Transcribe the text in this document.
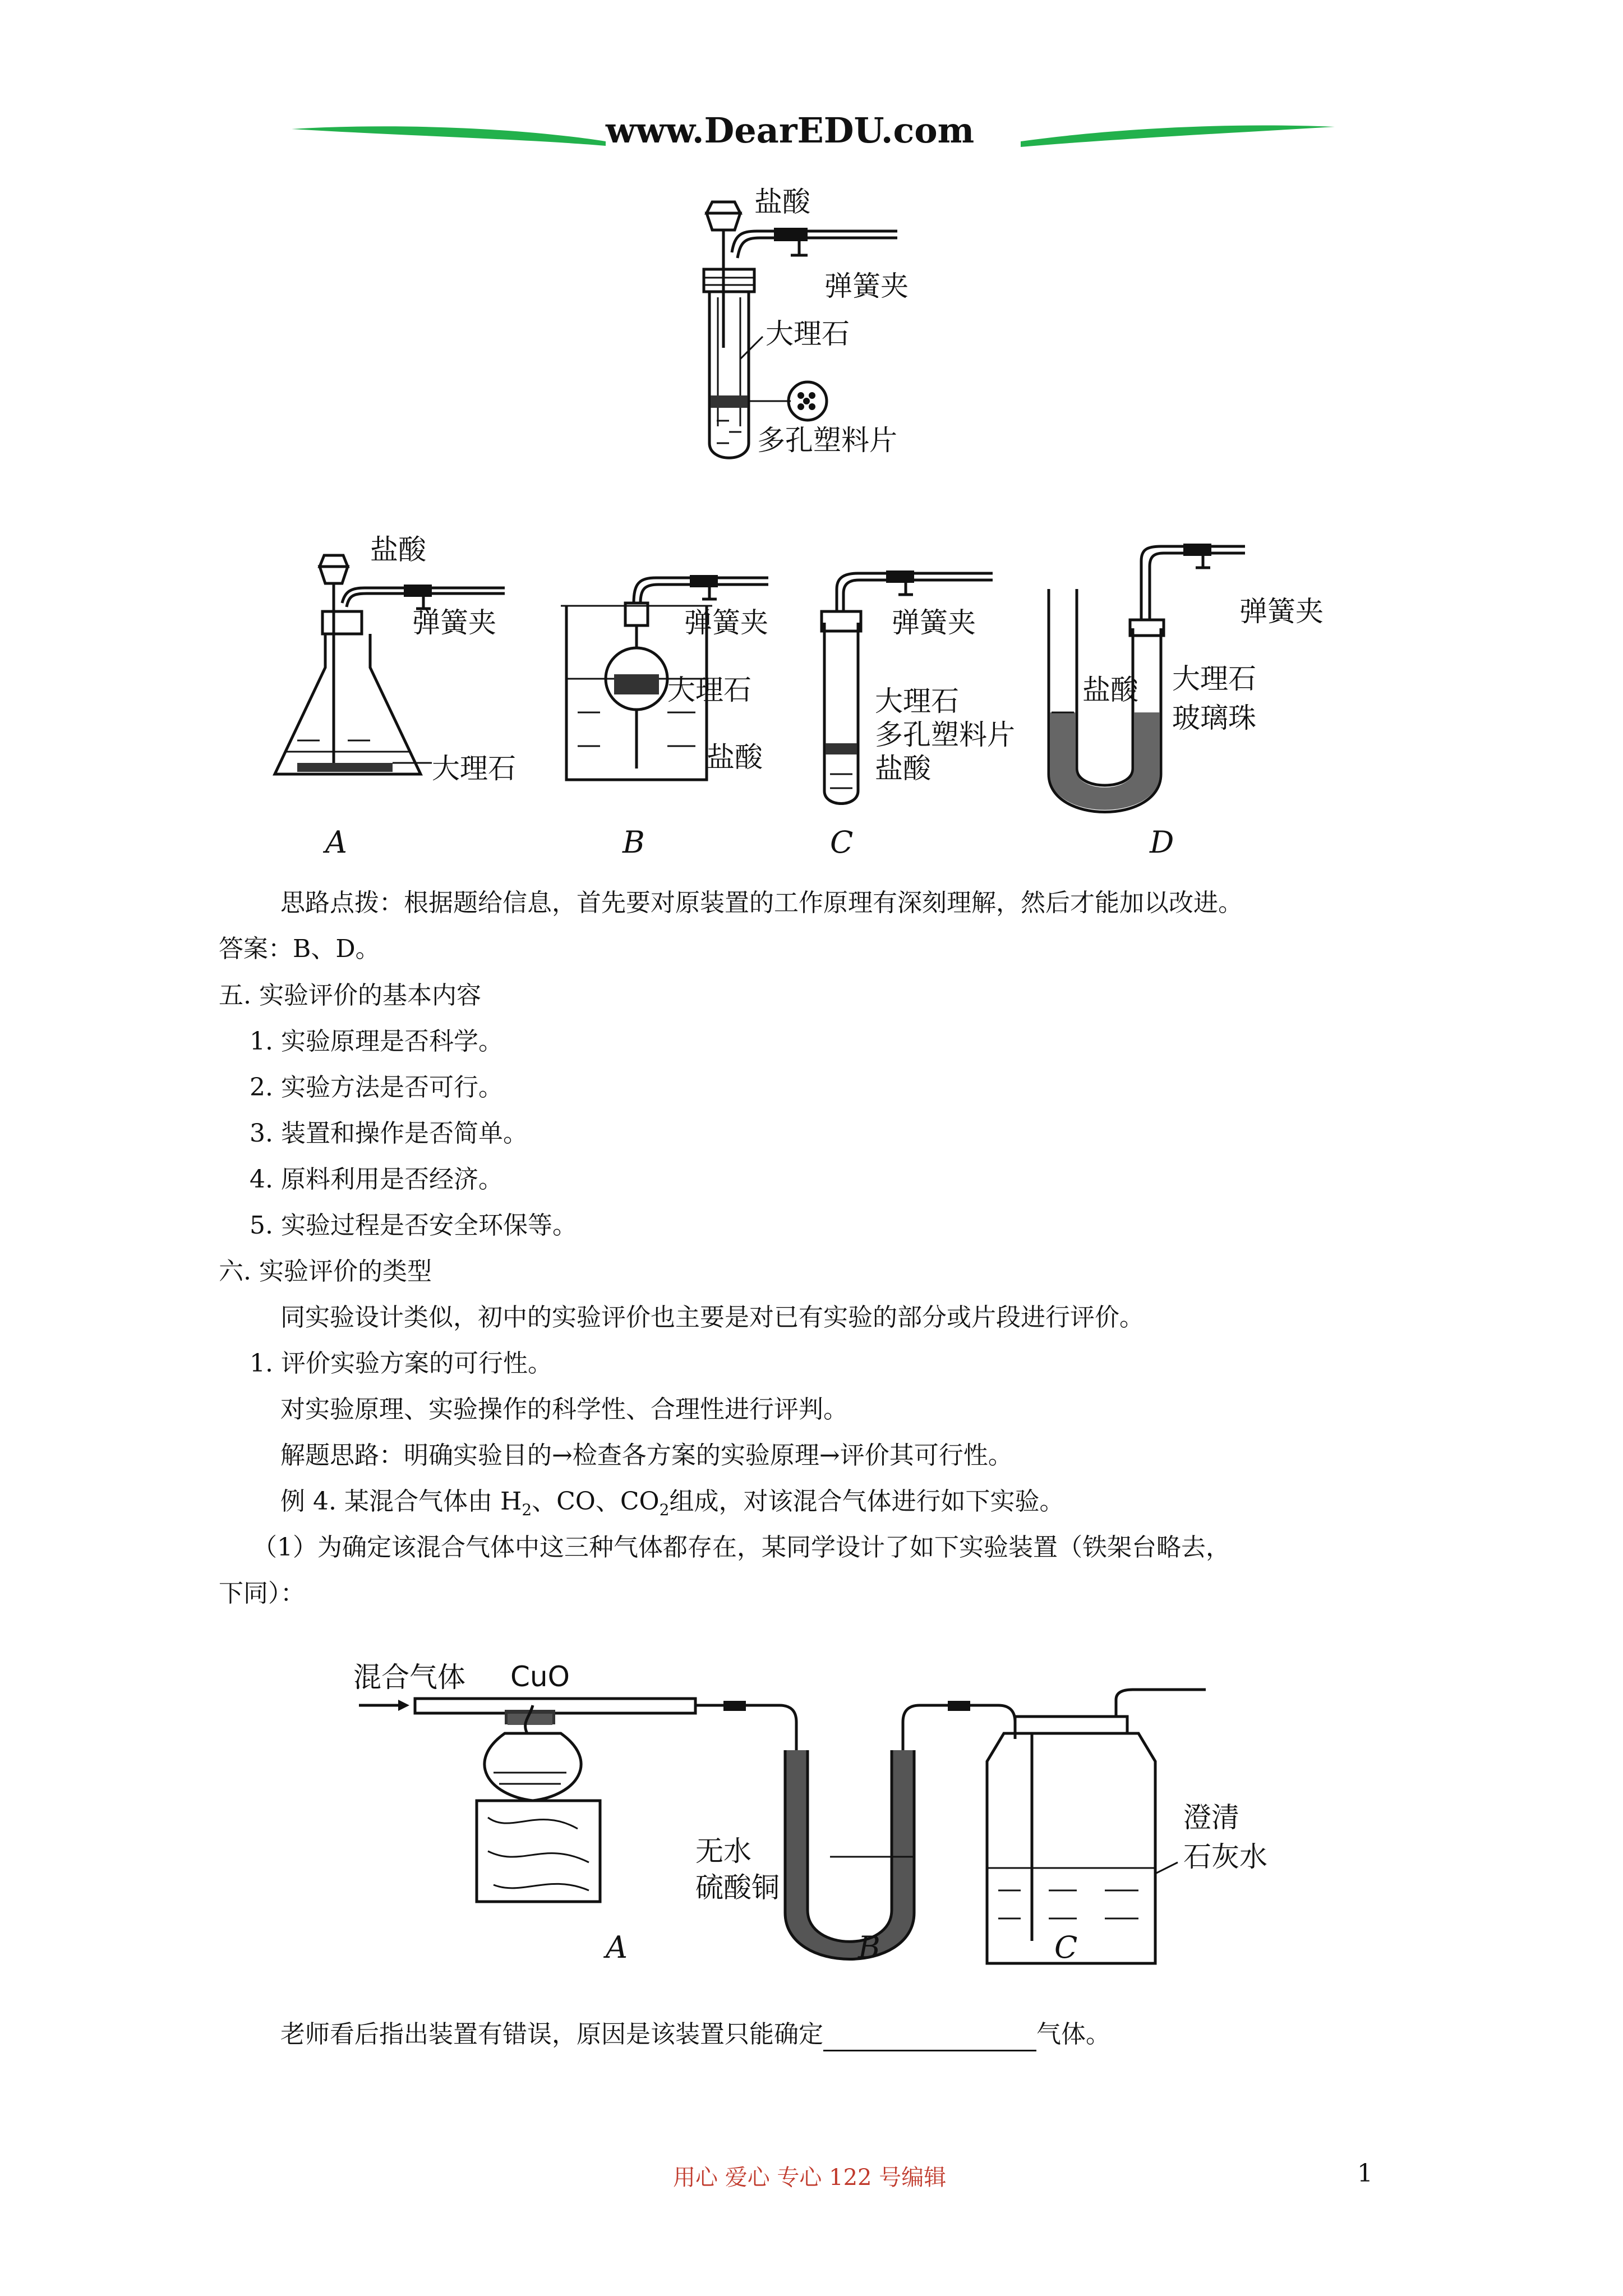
www.DearEDU.com
盐酸
弹簧夹
大理石
多孔塑料片
盐酸
弹簧夹
大理石
A
弹簧夹
大理石
盐酸
B
弹簧夹
大理石
多孔塑料片
盐酸
C
弹簧夹
盐酸 大理石
玻璃珠
D
思路点拨：根据题给信息，首先要对原装置的工作原理有深刻理解，然后才能加以改进。
答案：B、D。
五. 实验评价的基本内容
1. 实验原理是否科学。
2. 实验方法是否可行。
3. 装置和操作是否简单。
4. 原料利用是否经济。
5. 实验过程是否安全环保等。
六. 实验评价的类型
同实验设计类似，初中的实验评价也主要是对已有实验的部分或片段进行评价。
1. 评价实验方案的可行性。
对实验原理、实验操作的科学性、合理性进行评判。
解题思路：明确实验目的→检查各方案的实验原理→评价其可行性。
例 4. 某混合气体由 $H_2$、CO、$CO_2$组成，对该混合气体进行如下实验。
（1）为确定该混合气体中这三种气体都存在，某同学设计了如下实验装置（铁架台略去，
下同）：
混合气体 CuO
无水
硫酸铜
澄清
石灰水
A	B	C
老师看后指出装置有错误，原因是该装置只能确定	气体。
用心 爱心 专心 122 号编辑	1
